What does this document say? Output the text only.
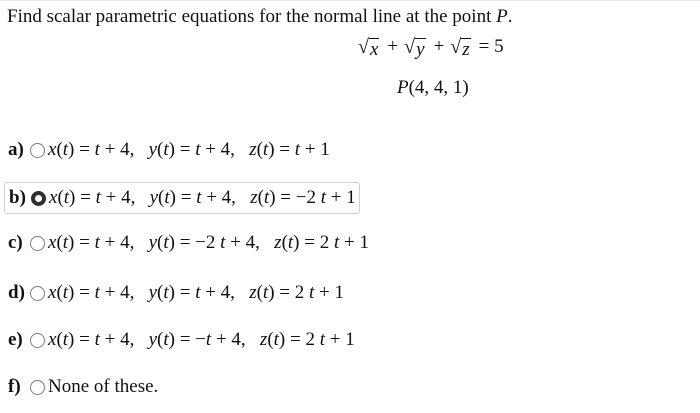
Find scalar parametric equations for the normal line at the point P.
√ x + √ y + √ z = 5
P(4, 4, 1)
a)	x(t) = t + 4,   y(t) = t + 4,   z(t) = t + 1
b) x(t) = t + 4,   y(t) = t + 4,   z(t) = −2 t + 1
c)	x(t) = t + 4,   y(t) = −2 t + 4,   z(t) = 2 t + 1
d) x(t) = t + 4,   y(t) = t + 4,   z(t) = 2 t + 1
e)	x(t) = t + 4,   y(t) = −t + 4,   z(t) = 2 t + 1
f)	None of these.
